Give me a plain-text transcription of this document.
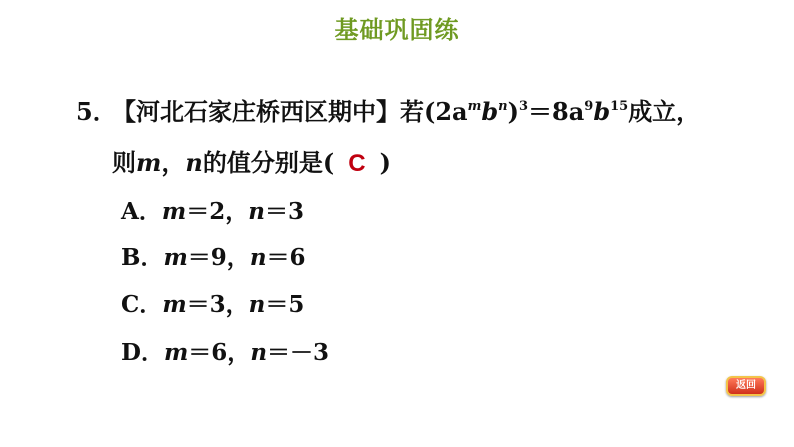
基础巩固练
5．【河北石家庄桥西区期中】若$(2a^mb^n)^3=8a^9b^{15}$成立，
则m，n的值分别是( C )
A．m＝2，n＝3
B．m＝9，n＝6
C．m＝3，n＝5
D．m＝6，n＝－3
返回
